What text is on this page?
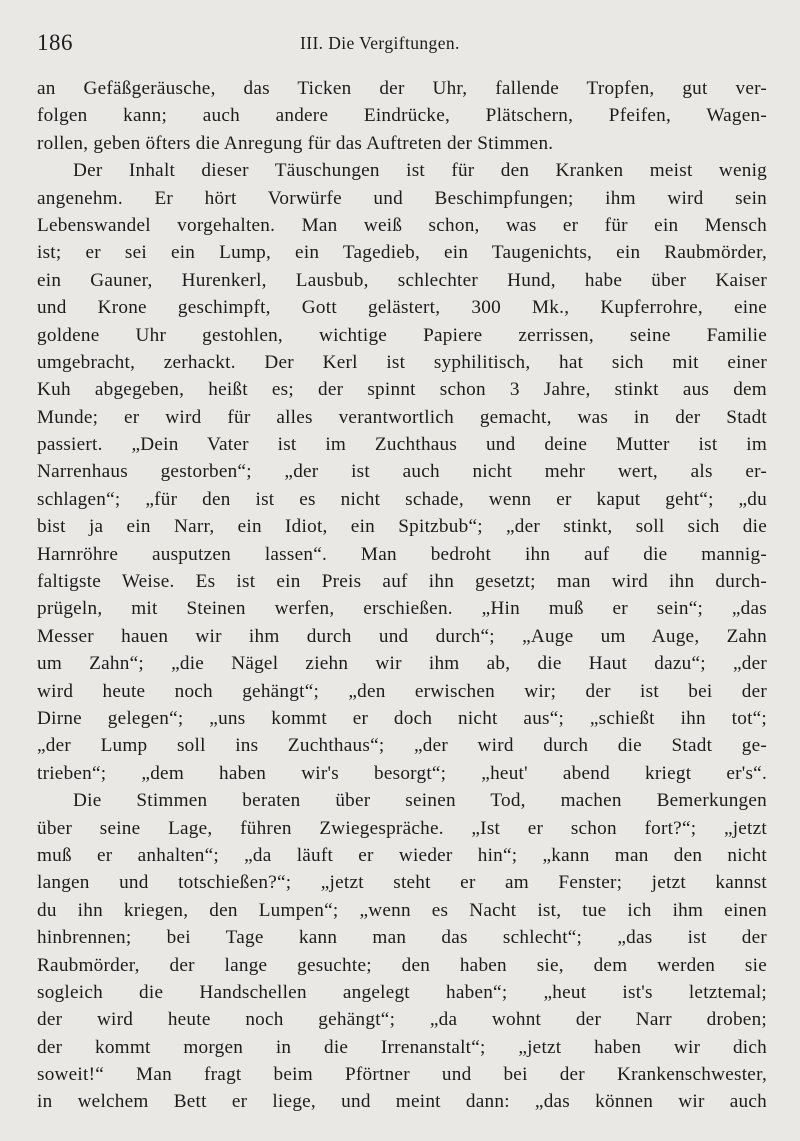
186	III. Die Vergiftungen.
an Gefäßgeräusche, das Ticken der Uhr, fallende Tropfen, gut ver-
folgen kann; auch andere Eindrücke, Plätschern, Pfeifen, Wagen-
rollen, geben öfters die Anregung für das Auftreten der Stimmen.
Der Inhalt dieser Täuschungen ist für den Kranken meist wenig
angenehm. Er hört Vorwürfe und Beschimpfungen; ihm wird sein
Lebenswandel vorgehalten. Man weiß schon, was er für ein Mensch
ist; er sei ein Lump, ein Tagedieb, ein Taugenichts, ein Raubmörder,
ein Gauner, Hurenkerl, Lausbub, schlechter Hund, habe über Kaiser
und Krone geschimpft, Gott gelästert, 300 Mk., Kupferrohre, eine
goldene Uhr gestohlen, wichtige Papiere zerrissen, seine Familie
umgebracht, zerhackt. Der Kerl ist syphilitisch, hat sich mit einer
Kuh abgegeben, heißt es; der spinnt schon 3 Jahre, stinkt aus dem
Munde; er wird für alles verantwortlich gemacht, was in der Stadt
passiert. „Dein Vater ist im Zuchthaus und deine Mutter ist im
Narrenhaus gestorben“; „der ist auch nicht mehr wert, als er-
schlagen“; „für den ist es nicht schade, wenn er kaput geht“; „du
bist ja ein Narr, ein Idiot, ein Spitzbub“; „der stinkt, soll sich die
Harnröhre ausputzen lassen“. Man bedroht ihn auf die mannig-
faltigste Weise. Es ist ein Preis auf ihn gesetzt; man wird ihn durch-
prügeln, mit Steinen werfen, erschießen. „Hin muß er sein“; „das
Messer hauen wir ihm durch und durch“; „Auge um Auge, Zahn
um Zahn“; „die Nägel ziehn wir ihm ab, die Haut dazu“; „der
wird heute noch gehängt“; „den erwischen wir; der ist bei der
Dirne gelegen“; „uns kommt er doch nicht aus“; „schießt ihn tot“;
„der Lump soll ins Zuchthaus“; „der wird durch die Stadt ge-
trieben“; „dem haben wir's besorgt“; „heut' abend kriegt er's“.
Die Stimmen beraten über seinen Tod, machen Bemerkungen
über seine Lage, führen Zwiegespräche. „Ist er schon fort?“; „jetzt
muß er anhalten“; „da läuft er wieder hin“; „kann man den nicht
langen und totschießen?“; „jetzt steht er am Fenster; jetzt kannst
du ihn kriegen, den Lumpen“; „wenn es Nacht ist, tue ich ihm einen
hinbrennen; bei Tage kann man das schlecht“; „das ist der
Raubmörder, der lange gesuchte; den haben sie, dem werden sie
sogleich die Handschellen angelegt haben“; „heut ist's letztemal;
der wird heute noch gehängt“; „da wohnt der Narr droben;
der kommt morgen in die Irrenanstalt“; „jetzt haben wir dich
soweit!“ Man fragt beim Pförtner und bei der Krankenschwester,
in welchem Bett er liege, und meint dann: „das können wir auch
